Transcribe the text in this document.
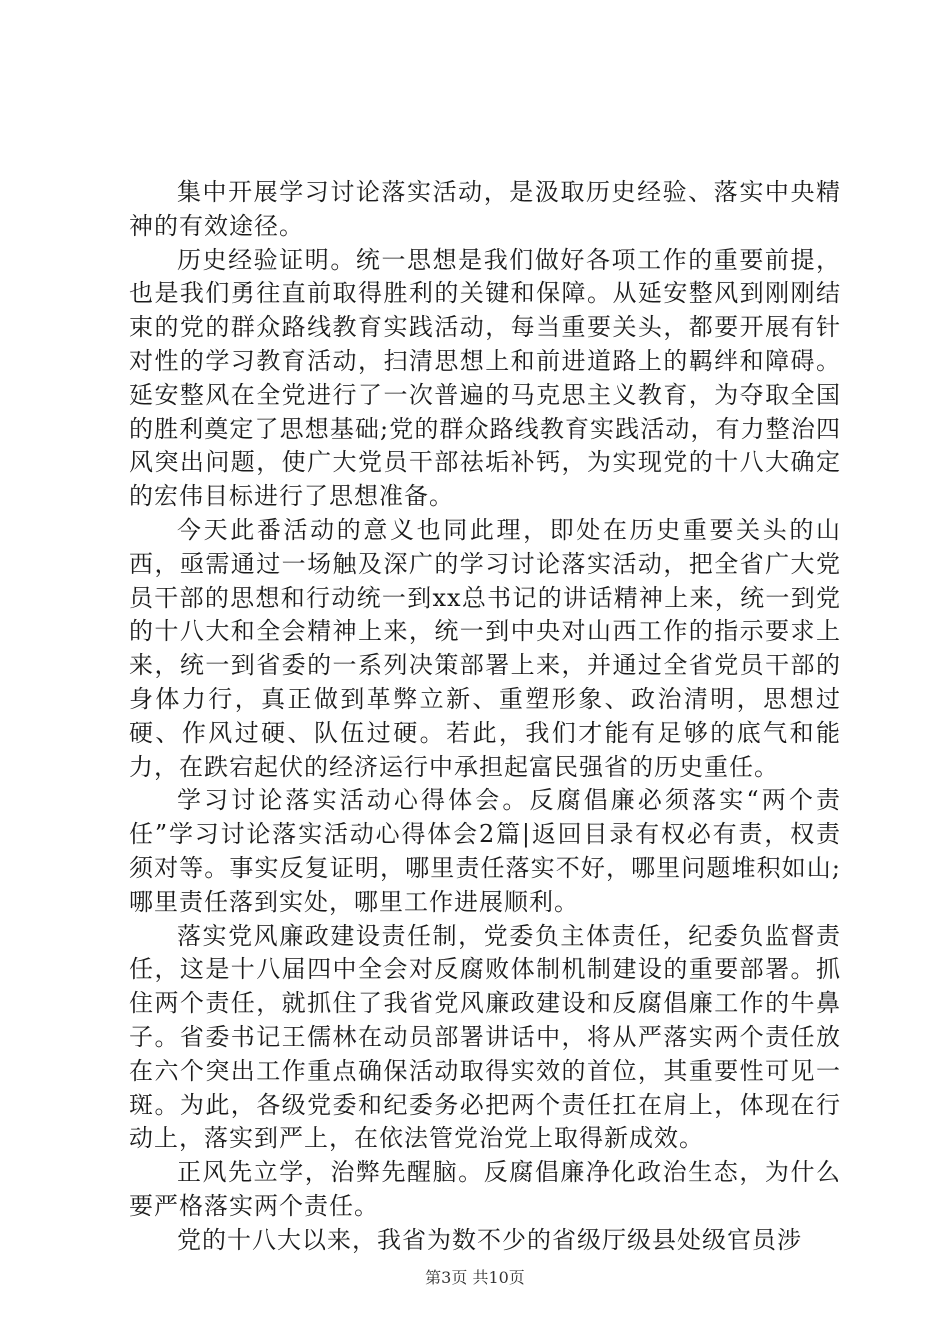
集中开展学习讨论落实活动，是汲取历史经验、落实中央精神的有效途径。

历史经验证明。统一思想是我们做好各项工作的重要前提，也是我们勇往直前取得胜利的关键和保障。从延安整风到刚刚结束的党的群众路线教育实践活动，每当重要关头，都要开展有针对性的学习教育活动，扫清思想上和前进道路上的羁绊和障碍。延安整风在全党进行了一次普遍的马克思主义教育，为夺取全国的胜利奠定了思想基础;党的群众路线教育实践活动，有力整治四风突出问题，使广大党员干部祛垢补钙，为实现党的十八大确定的宏伟目标进行了思想准备。

今天此番活动的意义也同此理，即处在历史重要关头的山西，亟需通过一场触及深广的学习讨论落实活动，把全省广大党员干部的思想和行动统一到xx总书记的讲话精神上来，统一到党的十八大和全会精神上来，统一到中央对山西工作的指示要求上来，统一到省委的一系列决策部署上来，并通过全省党员干部的身体力行，真正做到革弊立新、重塑形象、政治清明，思想过硬、作风过硬、队伍过硬。若此，我们才能有足够的底气和能力，在跌宕起伏的经济运行中承担起富民强省的历史重任。

学习讨论落实活动心得体会。反腐倡廉必须落实“两个责任”学习讨论落实活动心得体会2篇|返回目录有权必有责，权责须对等。事实反复证明，哪里责任落实不好，哪里问题堆积如山;哪里责任落到实处，哪里工作进展顺利。

落实党风廉政建设责任制，党委负主体责任，纪委负监督责任，这是十八届四中全会对反腐败体制机制建设的重要部署。抓住两个责任，就抓住了我省党风廉政建设和反腐倡廉工作的牛鼻子。省委书记王儒林在动员部署讲话中，将从严落实两个责任放在六个突出工作重点确保活动取得实效的首位，其重要性可见一斑。为此，各级党委和纪委务必把两个责任扛在肩上，体现在行动上，落实到严上，在依法管党治党上取得新成效。

正风先立学，治弊先醒脑。反腐倡廉净化政治生态，为什么要严格落实两个责任。

党的十八大以来，我省为数不少的省级厅级县处级官员涉

第3页 共10页
